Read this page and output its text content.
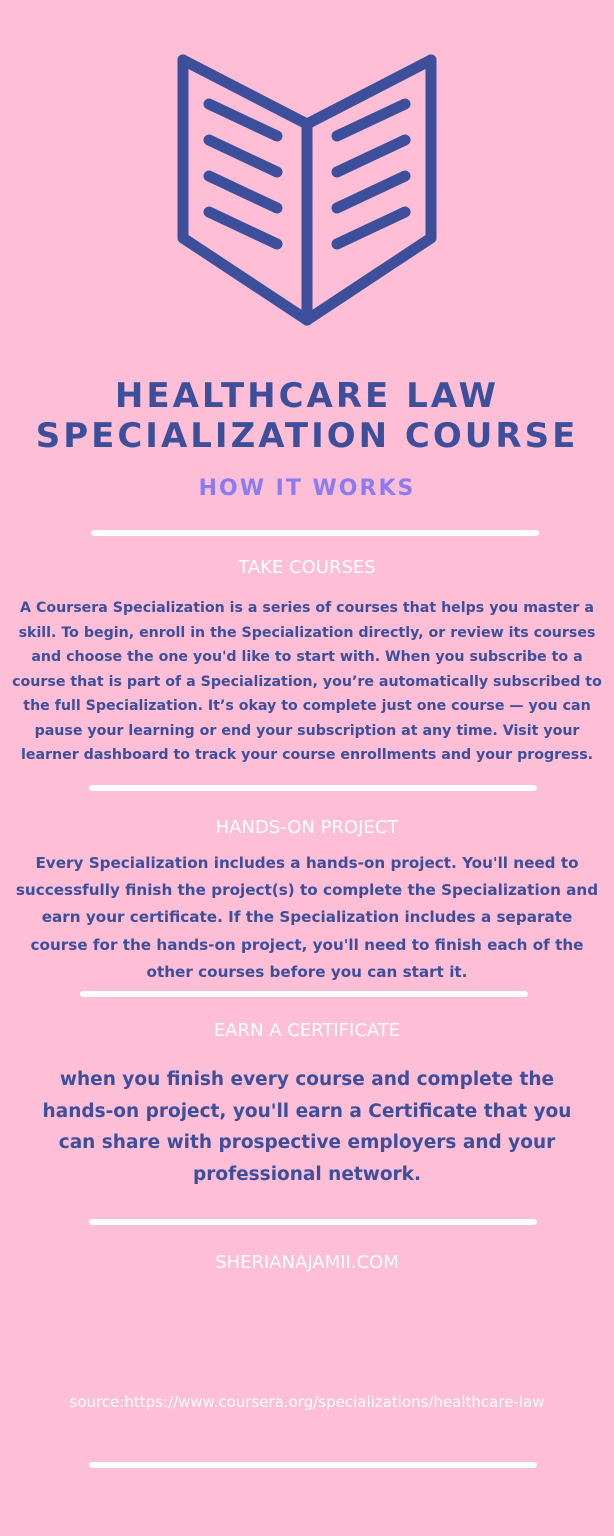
HEALTHCARE LAW
SPECIALIZATION COURSE
HOW IT WORKS
TAKE COURSES
A Coursera Specialization is a series of courses that helps you master a skill. To begin, enroll in the Specialization directly, or review its courses and choose the one you'd like to start with. When you subscribe to a course that is part of a Specialization, you’re automatically subscribed to the full Specialization. It’s okay to complete just one course — you can pause your learning or end your subscription at any time. Visit your learner dashboard to track your course enrollments and your progress.
HANDS-ON PROJECT
Every Specialization includes a hands-on project. You'll need to successfully finish the project(s) to complete the Specialization and earn your certificate. If the Specialization includes a separate course for the hands-on project, you'll need to finish each of the other courses before you can start it.
EARN A CERTIFICATE
when you finish every course and complete the hands-on project, you'll earn a Certificate that you can share with prospective employers and your professional network.
SHERIANAJAMII.COM
source:https://www.coursera.org/specializations/healthcare-law
